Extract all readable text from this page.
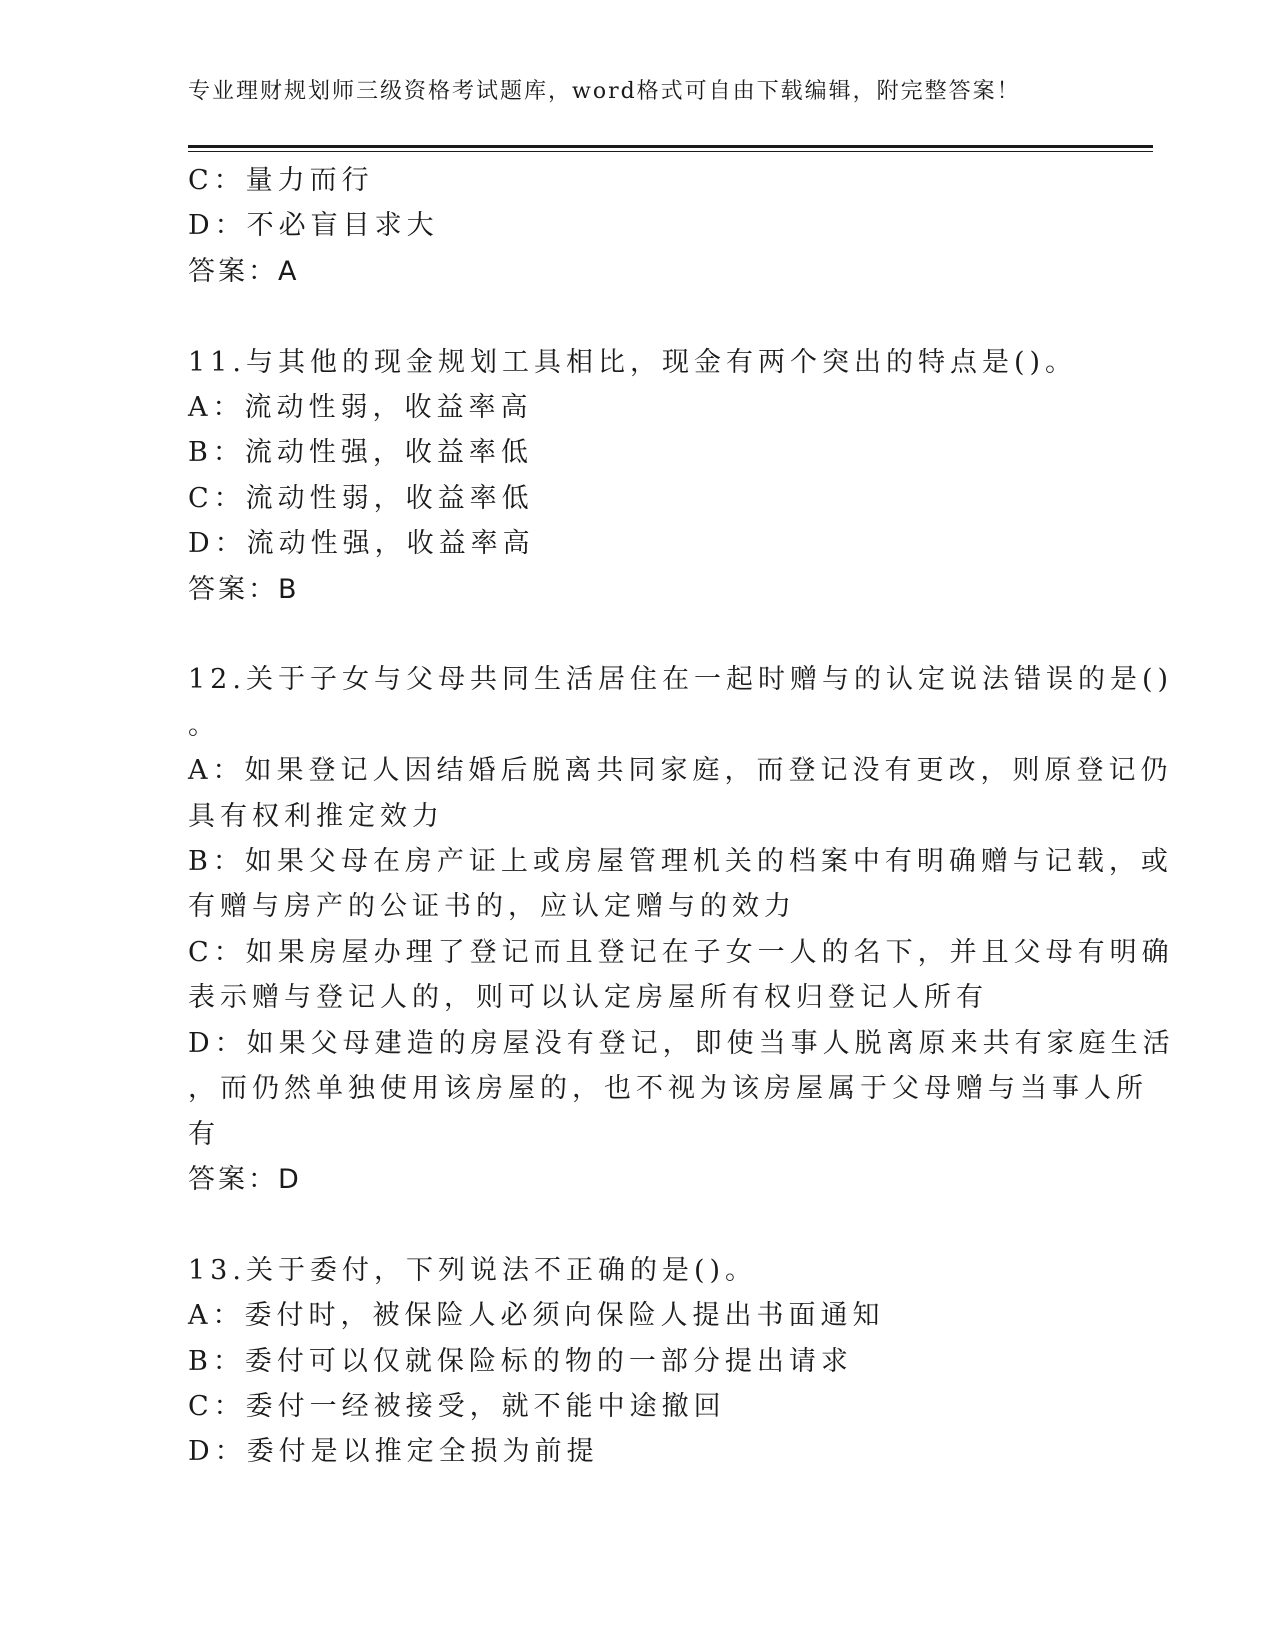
专业理财规划师三级资格考试题库，word格式可自由下载编辑，附完整答案！
C：量力而行
D：不必盲目求大
答案：A
11.与其他的现金规划工具相比，现金有两个突出的特点是()。
A：流动性弱，收益率高
B：流动性强，收益率低
C：流动性弱，收益率低
D：流动性强，收益率高
答案：B
12.关于子女与父母共同生活居住在一起时赠与的认定说法错误的是()
。
A：如果登记人因结婚后脱离共同家庭，而登记没有更改，则原登记仍
具有权利推定效力
B：如果父母在房产证上或房屋管理机关的档案中有明确赠与记载，或
有赠与房产的公证书的，应认定赠与的效力
C：如果房屋办理了登记而且登记在子女一人的名下，并且父母有明确
表示赠与登记人的，则可以认定房屋所有权归登记人所有
D：如果父母建造的房屋没有登记，即使当事人脱离原来共有家庭生活
，而仍然单独使用该房屋的，也不视为该房屋属于父母赠与当事人所
有
答案：D
13.关于委付，下列说法不正确的是()。
A：委付时，被保险人必须向保险人提出书面通知
B：委付可以仅就保险标的物的一部分提出请求
C：委付一经被接受，就不能中途撤回
D：委付是以推定全损为前提
